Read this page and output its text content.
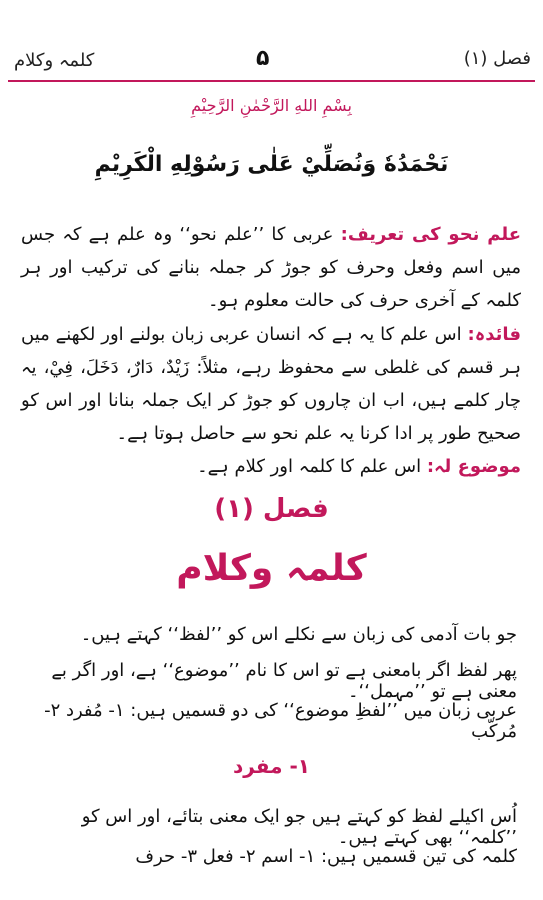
کلمہ وکلام	۵	فصل (۱)
بِسْمِ اللهِ الرَّحْمٰنِ الرَّحِيْمِ
نَحْمَدُهٗ وَنُصَلِّيْ عَلٰى رَسُوْلِهِ الْكَرِيْمِ

علم نحو کی تعریف: عربی کا ’’علم نحو‘‘ وہ علم ہے کہ جس میں اسم وفعل وحرف کو جوڑ کر جملہ بنانے کی ترکیب اور ہر کلمہ کے آخری حرف کی حالت معلوم ہو۔

فائدہ: اس علم کا یہ ہے کہ انسان عربی زبان بولنے اور لکھنے میں ہر قسم کی غلطی سے محفوظ رہے، مثلاً: زَيْدٌ، دَارٌ، دَخَلَ، فِيْ، یہ چار کلمے ہیں، اب ان چاروں کو جوڑ کر ایک جملہ بنانا اور اس کو صحیح طور پر ادا کرنا یہ علم نحو سے حاصل ہوتا ہے۔

موضوع لہ: اس علم کا کلمہ اور کلام ہے۔

فصل (۱)
کلمہ وکلام

جو بات آدمی کی زبان سے نکلے اس کو ’’لفظ‘‘ کہتے ہیں۔

پھر لفظ اگر بامعنی ہے تو اس کا نام ’’موضوع‘‘ ہے، اور اگر بے معنی ہے تو ’’مہمل‘‘۔

عربی زبان میں ’’لفظِ موضوع‘‘ کی دو قسمیں ہیں: ۱- مُفرد ۲- مُرکّب

۱- مفرد

اُس اکیلے لفظ کو کہتے ہیں جو ایک معنی بتائے، اور اس کو ’’کلمہ‘‘ بھی کہتے ہیں۔

کلمہ کی تین قسمیں ہیں: ۱- اسم ۲- فعل ۳- حرف
